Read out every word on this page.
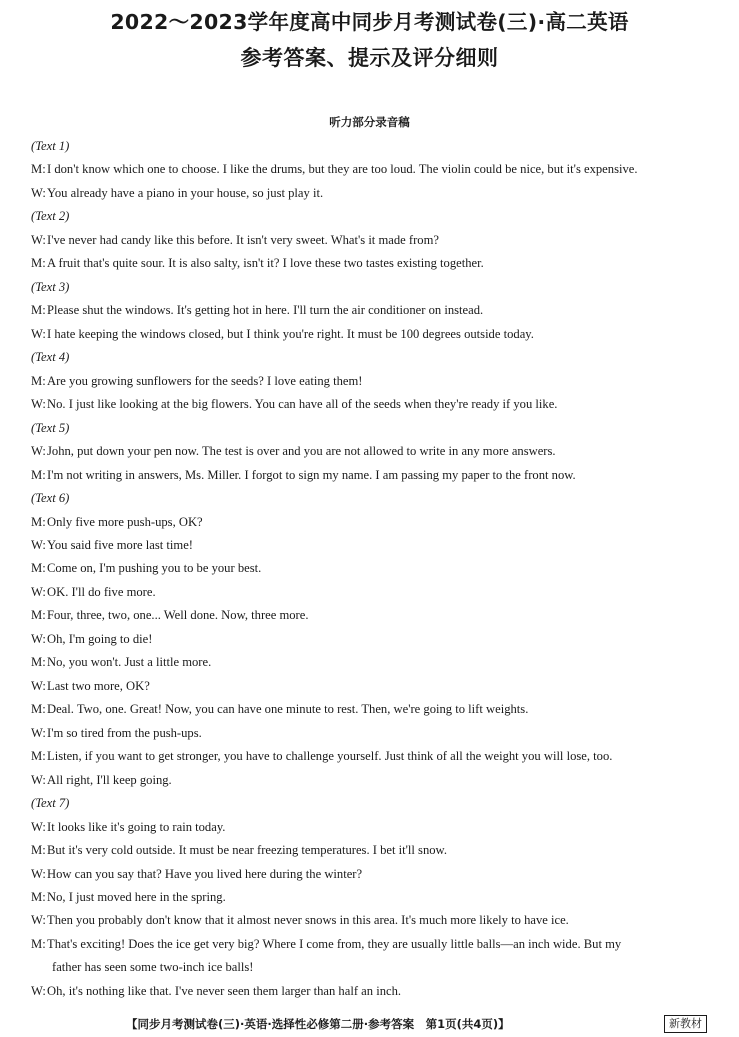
2022～2023学年度高中同步月考测试卷(三)·高二英语
参考答案、提示及评分细则
听力部分录音稿
(Text 1)
M:I don't know which one to choose. I like the drums, but they are too loud. The violin could be nice, but it's expensive.
W:You already have a piano in your house, so just play it.
(Text 2)
W:I've never had candy like this before. It isn't very sweet. What's it made from?
M:A fruit that's quite sour. It is also salty, isn't it? I love these two tastes existing together.
(Text 3)
M:Please shut the windows. It's getting hot in here. I'll turn the air conditioner on instead.
W:I hate keeping the windows closed, but I think you're right. It must be 100 degrees outside today.
(Text 4)
M:Are you growing sunflowers for the seeds? I love eating them!
W:No. I just like looking at the big flowers. You can have all of the seeds when they're ready if you like.
(Text 5)
W:John, put down your pen now. The test is over and you are not allowed to write in any more answers.
M:I'm not writing in answers, Ms. Miller. I forgot to sign my name. I am passing my paper to the front now.
(Text 6)
M:Only five more push-ups, OK?
W:You said five more last time!
M:Come on, I'm pushing you to be your best.
W:OK. I'll do five more.
M:Four, three, two, one... Well done. Now, three more.
W:Oh, I'm going to die!
M:No, you won't. Just a little more.
W:Last two more, OK?
M:Deal. Two, one. Great! Now, you can have one minute to rest. Then, we're going to lift weights.
W:I'm so tired from the push-ups.
M:Listen, if you want to get stronger, you have to challenge yourself. Just think of all the weight you will lose, too.
W:All right, I'll keep going.
(Text 7)
W:It looks like it's going to rain today.
M:But it's very cold outside. It must be near freezing temperatures. I bet it'll snow.
W:How can you say that? Have you lived here during the winter?
M:No, I just moved here in the spring.
W:Then you probably don't know that it almost never snows in this area. It's much more likely to have ice.
M:That's exciting! Does the ice get very big? Where I come from, they are usually little balls—an inch wide. But my
father has seen some two-inch ice balls!
W:Oh, it's nothing like that. I've never seen them larger than half an inch.
【同步月考测试卷(三)·英语·选择性必修第二册·参考答案　第1页(共4页)】	新教材
